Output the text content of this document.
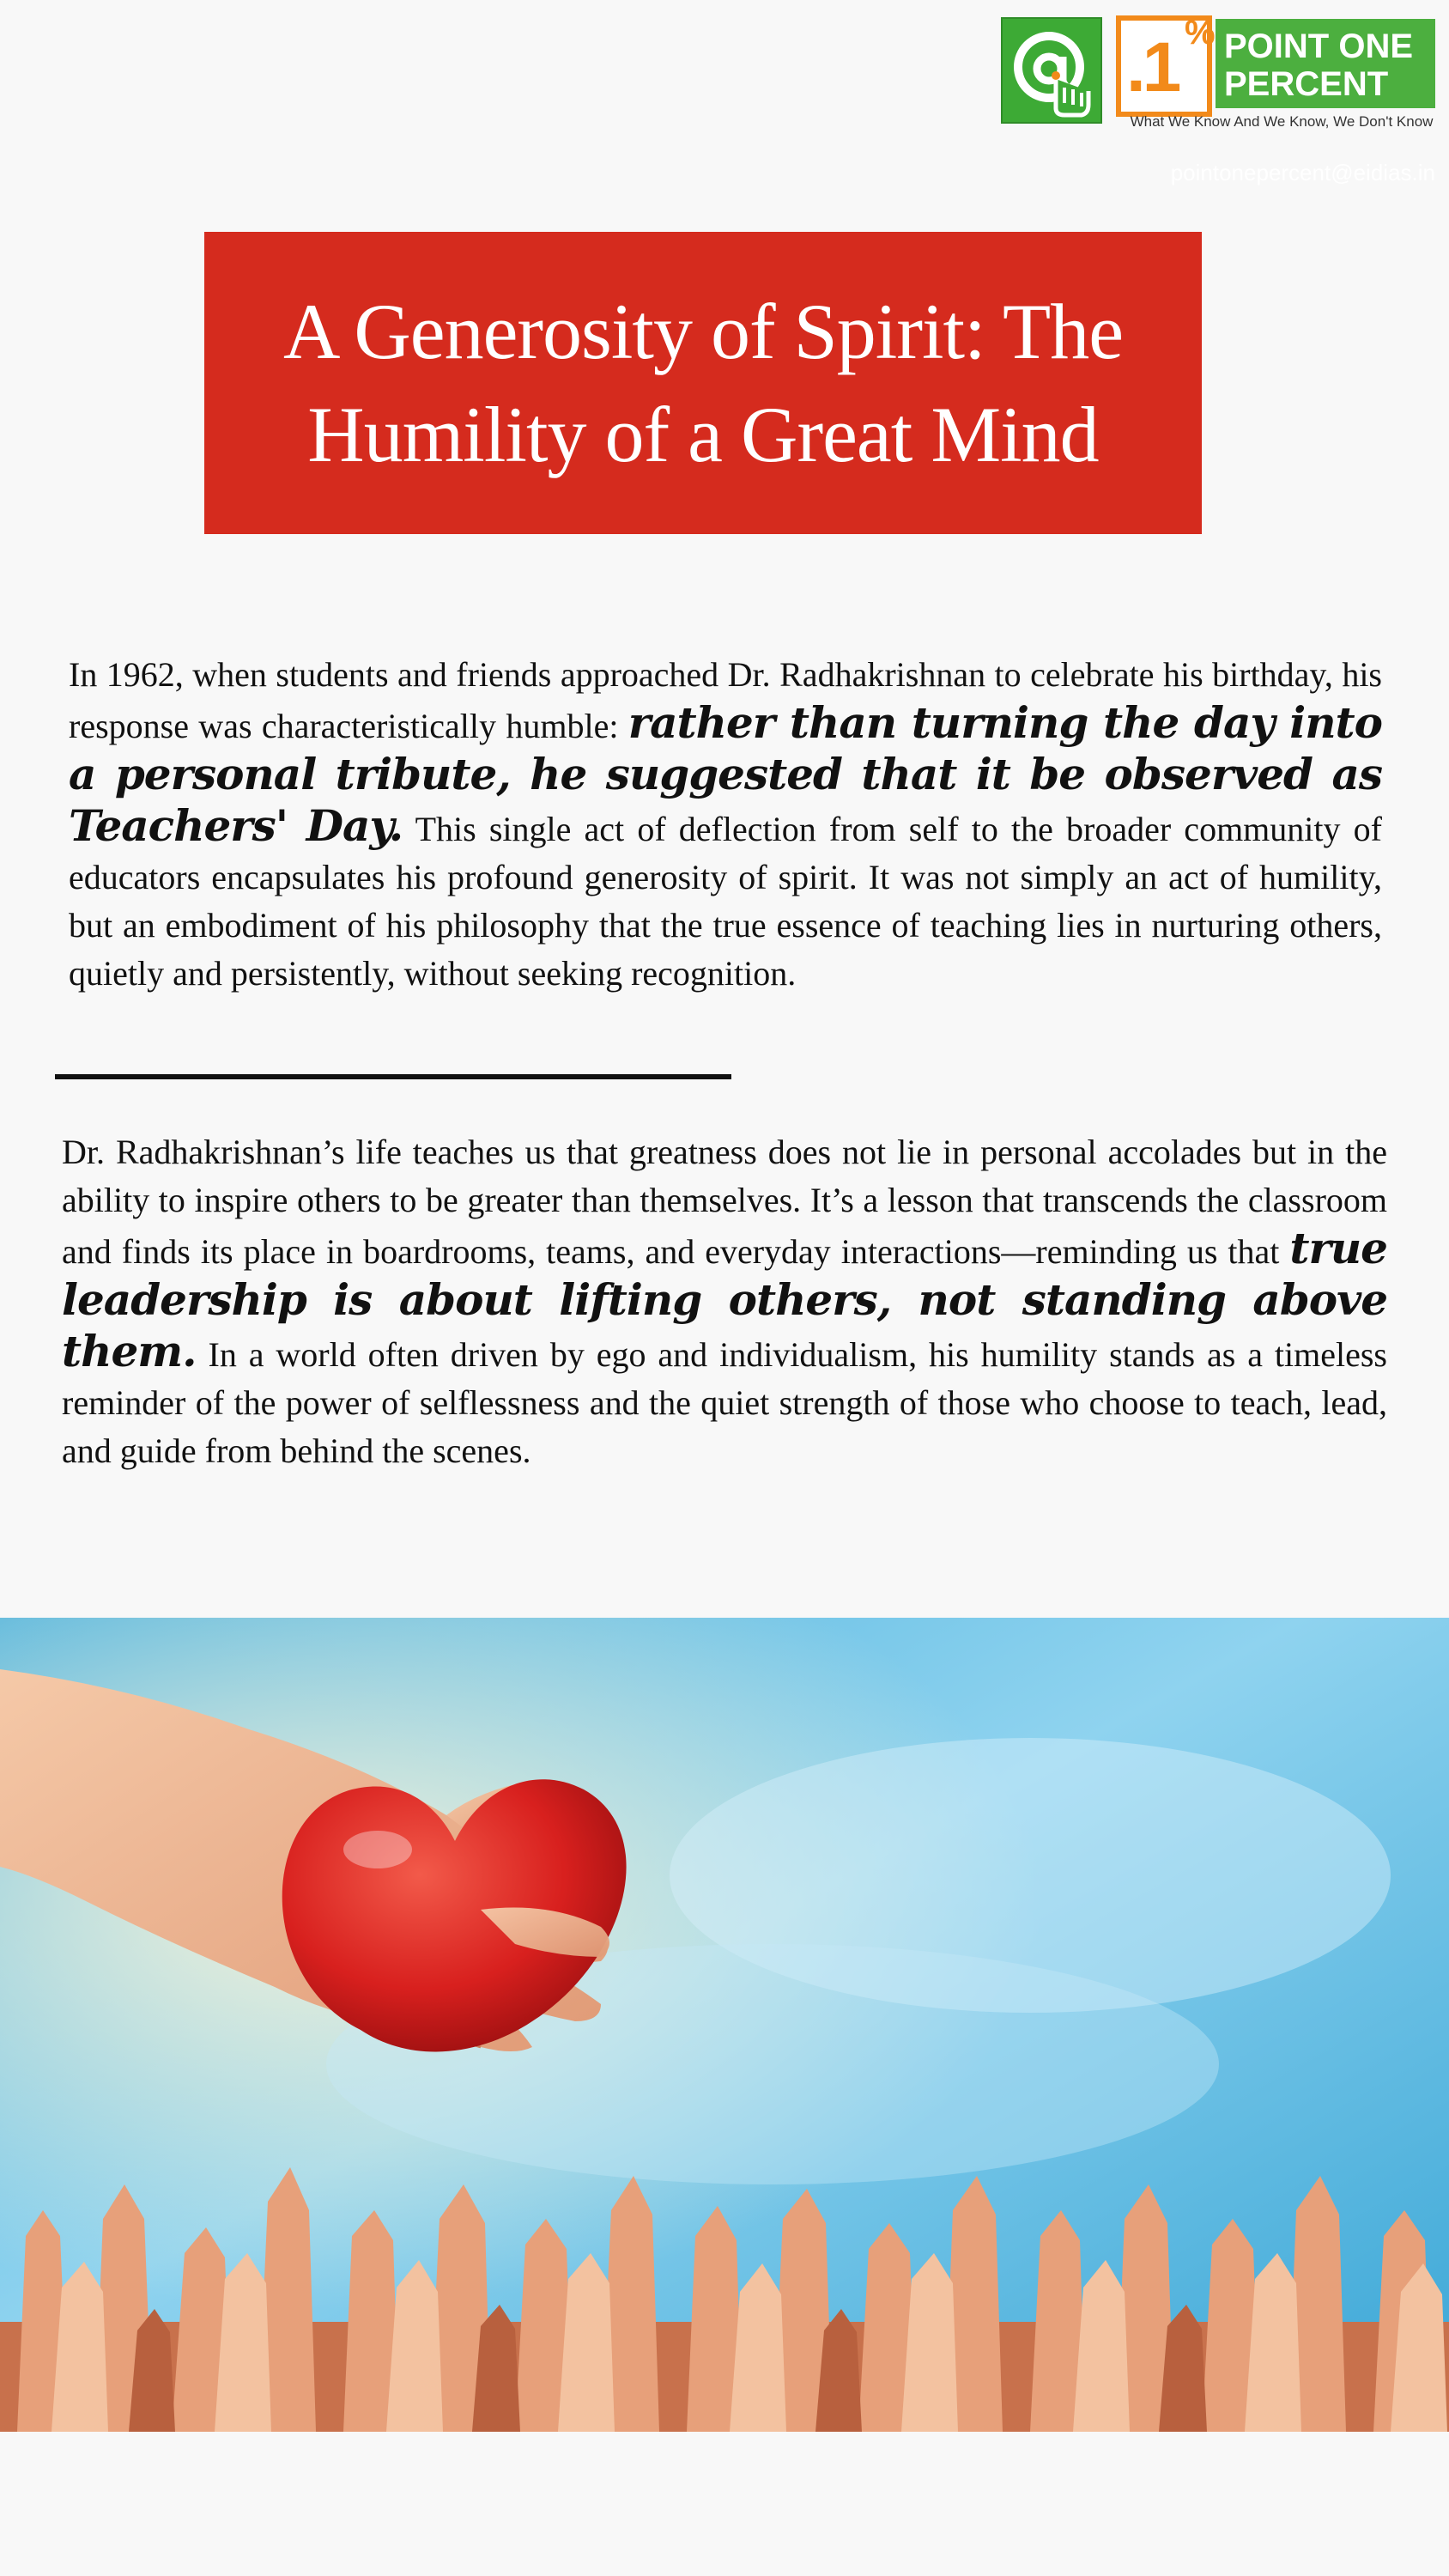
.1 % POINT ONE
PERCENT
What We Know And We Know, We Don't Know
pointonepercent@eidias.in
A Generosity of Spirit: The
Humility of a Great Mind

In 1962, when students and friends approached Dr. Radhakrishnan to celebrate his birthday, his response was characteristically humble: rather than turning the day into a personal tribute, he suggested that it be observed as Teachers' Day. This single act of deflection from self to the broader community of educators encapsulates his profound generosity of spirit. It was not simply an act of humility, but an embodiment of his philosophy that the true essence of teaching lies in nurturing others, quietly and persistently, without seeking recognition.

Dr. Radhakrishnan’s life teaches us that greatness does not lie in personal accolades but in the ability to inspire others to be greater than themselves. It’s a lesson that transcends the classroom and finds its place in boardrooms, teams, and everyday interactions—reminding us that true leadership is about lifting others, not standing above them. In a world often driven by ego and individualism, his humility stands as a timeless reminder of the power of selflessness and the quiet strength of those who choose to teach, lead, and guide from behind the scenes.
